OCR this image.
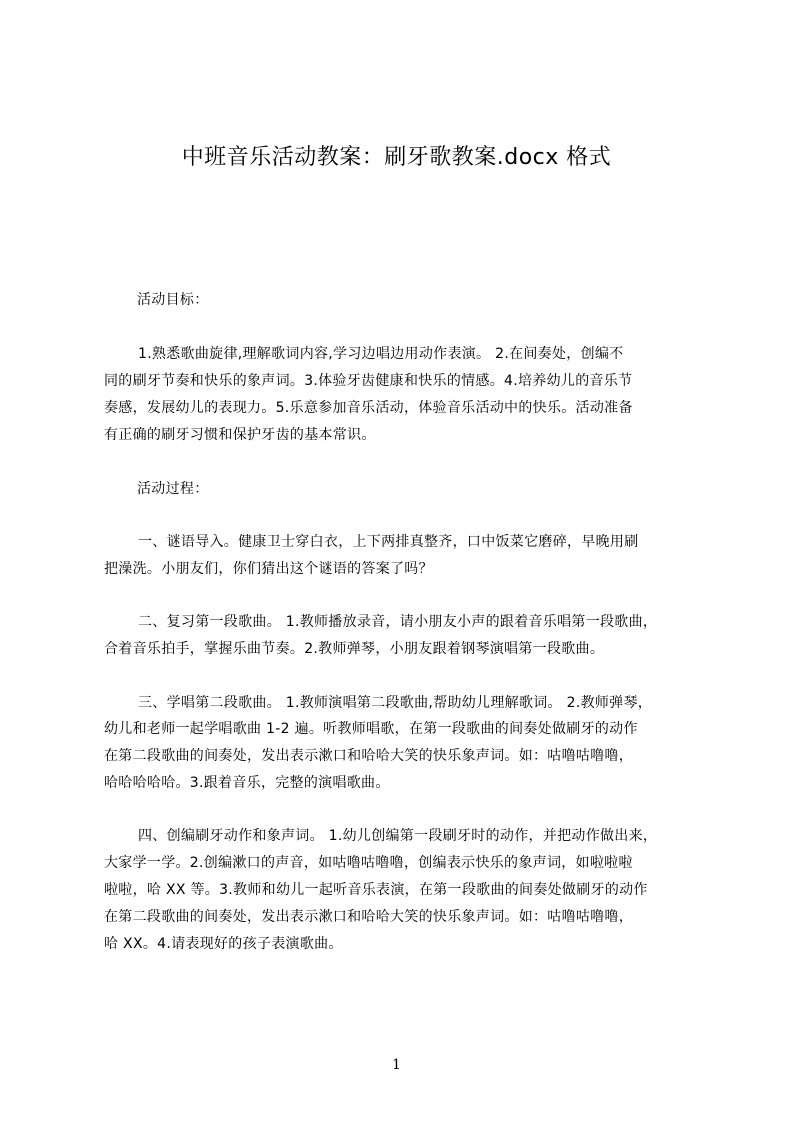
中班音乐活动教案：刷牙歌教案.docx 格式
活动目标：
1.熟悉歌曲旋律,理解歌词内容,学习边唱边用动作表演。 2.在间奏处，创编不
同的刷牙节奏和快乐的象声词。3.体验牙齿健康和快乐的情感。4.培养幼儿的音乐节
奏感，发展幼儿的表现力。5.乐意参加音乐活动，体验音乐活动中的快乐。活动准备
有正确的刷牙习惯和保护牙齿的基本常识。
活动过程：
一、谜语导入。健康卫士穿白衣，上下两排真整齐，口中饭菜它磨碎，早晚用刷
把澡洗。小朋友们，你们猜出这个谜语的答案了吗？
二、复习第一段歌曲。 1.教师播放录音，请小朋友小声的跟着音乐唱第一段歌曲，
合着音乐拍手，掌握乐曲节奏。2.教师弹琴，小朋友跟着钢琴演唱第一段歌曲。
三、学唱第二段歌曲。 1.教师演唱第二段歌曲,帮助幼儿理解歌词。 2.教师弹琴，
幼儿和老师一起学唱歌曲 1-2 遍。听教师唱歌，在第一段歌曲的间奏处做刷牙的动作
在第二段歌曲的间奏处，发出表示漱口和哈哈大笑的快乐象声词。如：咕噜咕噜噜，
哈哈哈哈哈。3.跟着音乐，完整的演唱歌曲。
四、创编刷牙动作和象声词。 1.幼儿创编第一段刷牙时的动作，并把动作做出来，
大家学一学。2.创编漱口的声音，如咕噜咕噜噜，创编表示快乐的象声词，如啦啦啦
啦啦，哈 XX 等。3.教师和幼儿一起听音乐表演，在第一段歌曲的间奏处做刷牙的动作
在第二段歌曲的间奏处，发出表示漱口和哈哈大笑的快乐象声词。如：咕噜咕噜噜，
哈 XX。4.请表现好的孩子表演歌曲。
1
